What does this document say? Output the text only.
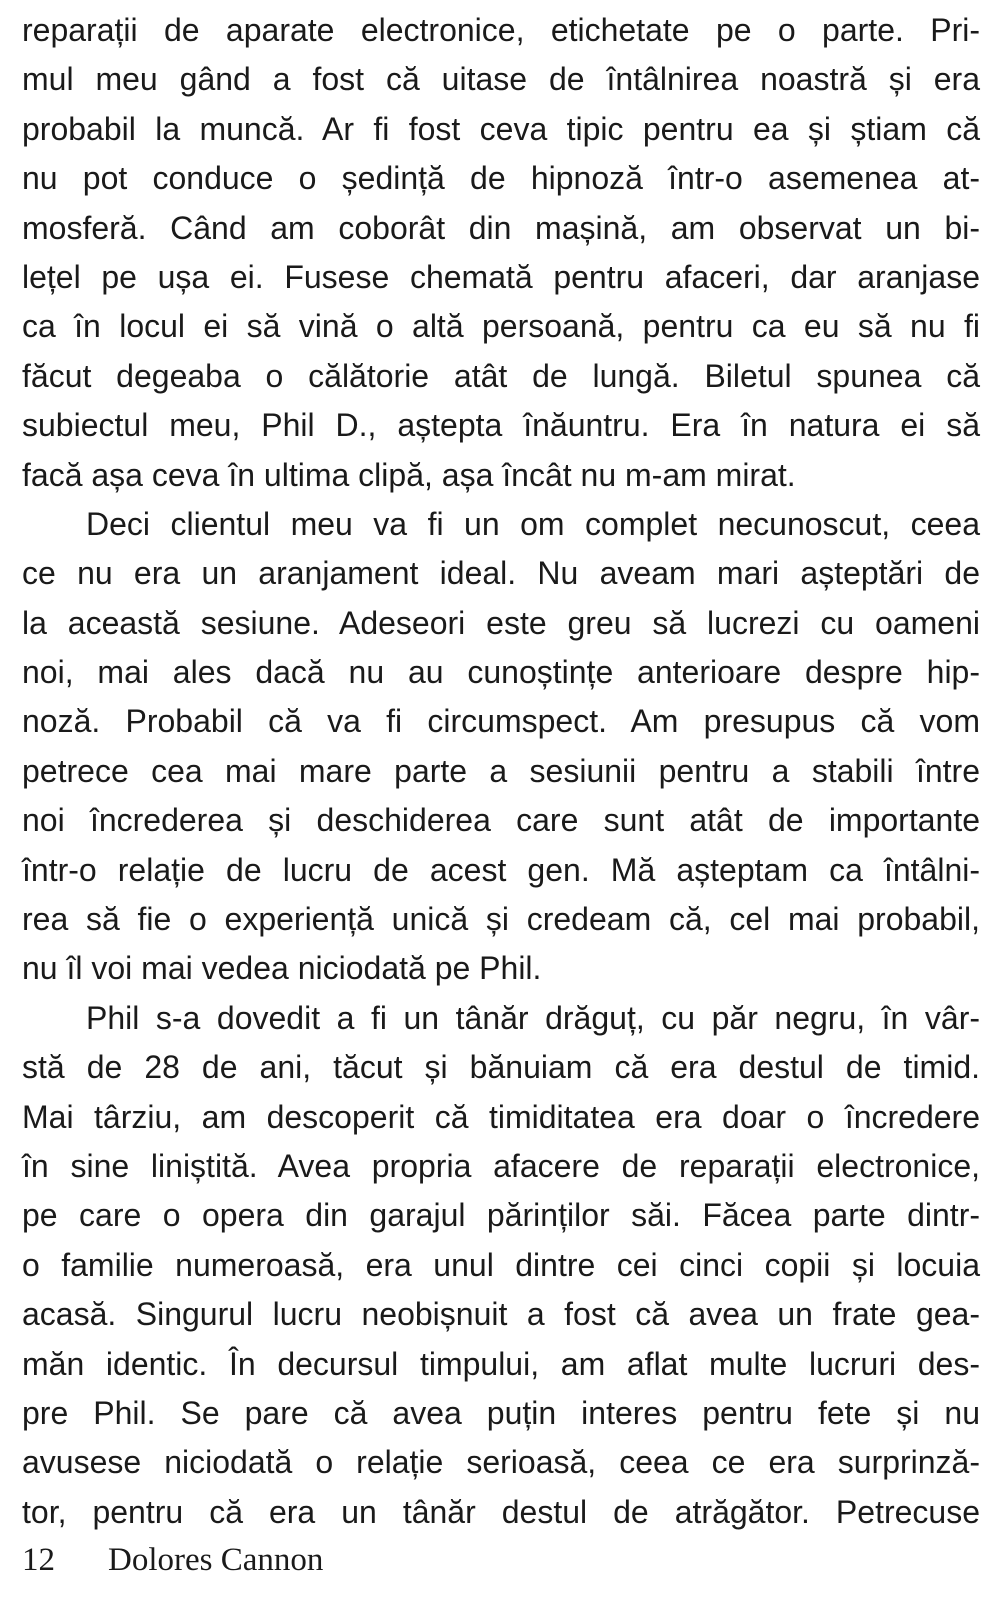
reparații de aparate electronice, etichetate pe o parte. Pri-
mul meu gând a fost că uitase de întâlnirea noastră și era
probabil la muncă. Ar fi fost ceva tipic pentru ea și știam că
nu pot conduce o ședință de hipnoză într-o asemenea at-
mosferă. Când am coborât din mașină, am observat un bi-
lețel pe ușa ei. Fusese chemată pentru afaceri, dar aranjase
ca în locul ei să vină o altă persoană, pentru ca eu să nu fi
făcut degeaba o călătorie atât de lungă. Biletul spunea că
subiectul meu, Phil D., aștepta înăuntru. Era în natura ei să
facă așa ceva în ultima clipă, așa încât nu m-am mirat.
Deci clientul meu va fi un om complet necunoscut, ceea
ce nu era un aranjament ideal. Nu aveam mari așteptări de
la această sesiune. Adeseori este greu să lucrezi cu oameni
noi, mai ales dacă nu au cunoștințe anterioare despre hip-
noză. Probabil că va fi circumspect. Am presupus că vom
petrece cea mai mare parte a sesiunii pentru a stabili între
noi încrederea și deschiderea care sunt atât de importante
într-o relație de lucru de acest gen. Mă așteptam ca întâlni-
rea să fie o experiență unică și credeam că, cel mai probabil,
nu îl voi mai vedea niciodată pe Phil.
Phil s-a dovedit a fi un tânăr drăguț, cu păr negru, în vâr-
stă de 28 de ani, tăcut și bănuiam că era destul de timid.
Mai târziu, am descoperit că timiditatea era doar o încredere
în sine liniștită. Avea propria afacere de reparații electronice,
pe care o opera din garajul părinților săi. Făcea parte dintr-
o familie numeroasă, era unul dintre cei cinci copii și locuia
acasă. Singurul lucru neobișnuit a fost că avea un frate gea-
măn identic. În decursul timpului, am aflat multe lucruri des-
pre Phil. Se pare că avea puțin interes pentru fete și nu
avusese niciodată o relație serioasă, ceea ce era surprinză-
tor, pentru că era un tânăr destul de atrăgător. Petrecuse
12 Dolores Cannon
